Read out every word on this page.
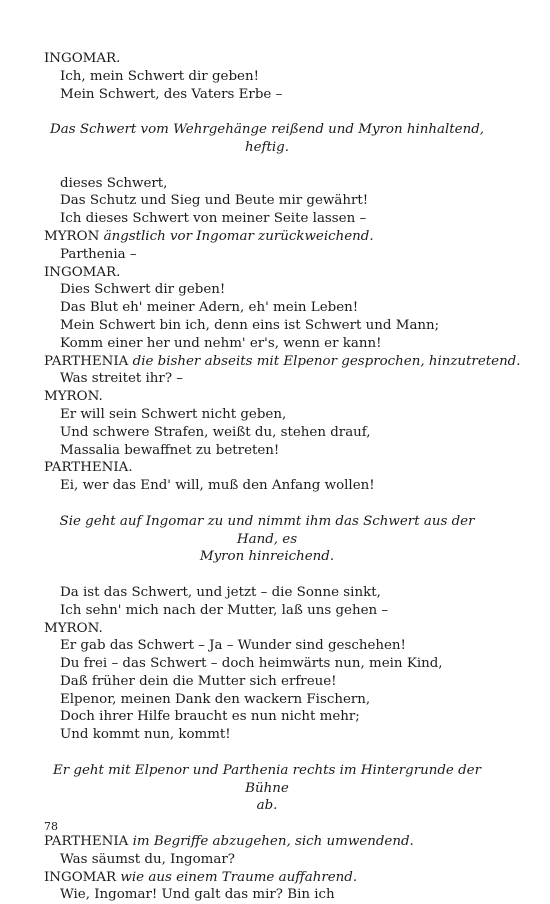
INGOMAR.
Ich, mein Schwert dir geben!
Mein Schwert, des Vaters Erbe –
Das Schwert vom Wehrgehänge reißend und Myron hinhaltend, heftig.
dieses Schwert,
Das Schutz und Sieg und Beute mir gewährt!
Ich dieses Schwert von meiner Seite lassen –
MYRON ängstlich vor Ingomar zurückweichend.
Parthenia –
INGOMAR.
Dies Schwert dir geben!
Das Blut eh' meiner Adern, eh' mein Leben!
Mein Schwert bin ich, denn eins ist Schwert und Mann;
Komm einer her und nehm' er's, wenn er kann!
PARTHENIA die bisher abseits mit Elpenor gesprochen, hinzutretend.
Was streitet ihr? –
MYRON.
Er will sein Schwert nicht geben,
Und schwere Strafen, weißt du, stehen drauf,
Massalia bewaffnet zu betreten!
PARTHENIA.
Ei, wer das End' will, muß den Anfang wollen!
Sie geht auf Ingomar zu und nimmt ihm das Schwert aus der Hand, es
Myron hinreichend.
Da ist das Schwert, und jetzt – die Sonne sinkt,
Ich sehn' mich nach der Mutter, laß uns gehen –
MYRON.
Er gab das Schwert – Ja – Wunder sind geschehen!
Du frei – das Schwert – doch heimwärts nun, mein Kind,
Daß früher dein die Mutter sich erfreue!
Elpenor, meinen Dank den wackern Fischern,
Doch ihrer Hilfe braucht es nun nicht mehr;
Und kommt nun, kommt!
Er geht mit Elpenor und Parthenia rechts im Hintergrunde der Bühne
ab.
PARTHENIA im Begriffe abzugehen, sich umwendend.
Was säumst du, Ingomar?
INGOMAR wie aus einem Traume auffahrend.
Wie, Ingomar! Und galt das mir? Bin ich
78
